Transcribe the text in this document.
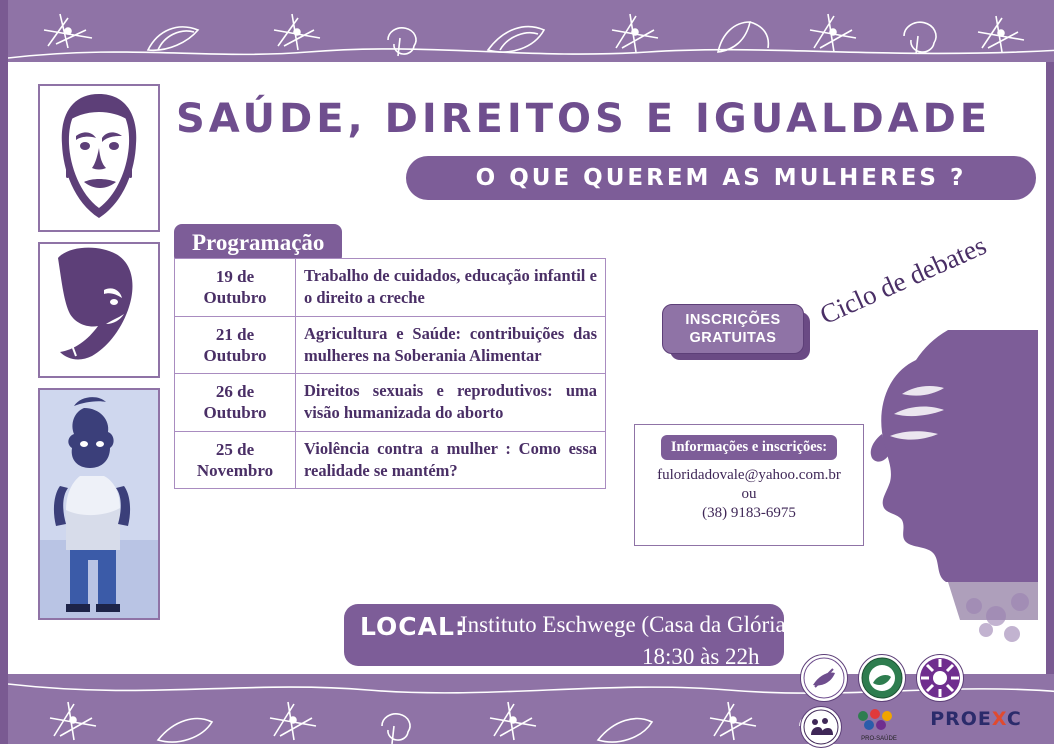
SAÚDE, DIREITOS E IGUALDADE
O QUE QUEREM AS MULHERES ?
Programação
19 de
Outubro	Trabalho de cuidados, educação infantil e o direito a creche

21 de
Outubro	Agricultura e Saúde: contribuições das mulheres na Soberania Alimentar

26 de
Outubro	Direitos sexuais e reprodutivos: uma visão humanizada do aborto

25 de
Novembro	Violência contra a mulher : Como essa realidade se mantém?
INSCRIÇÕES
GRATUITAS
Ciclo de debates
Informações e inscrições:
fuloridadovale@yahoo.com.br
ou
(38) 9183-6975
LOCAL:
Instituto Eschwege (Casa da Glória)
18:30 às 22h
PRO-SAÚDE
PROEXC
